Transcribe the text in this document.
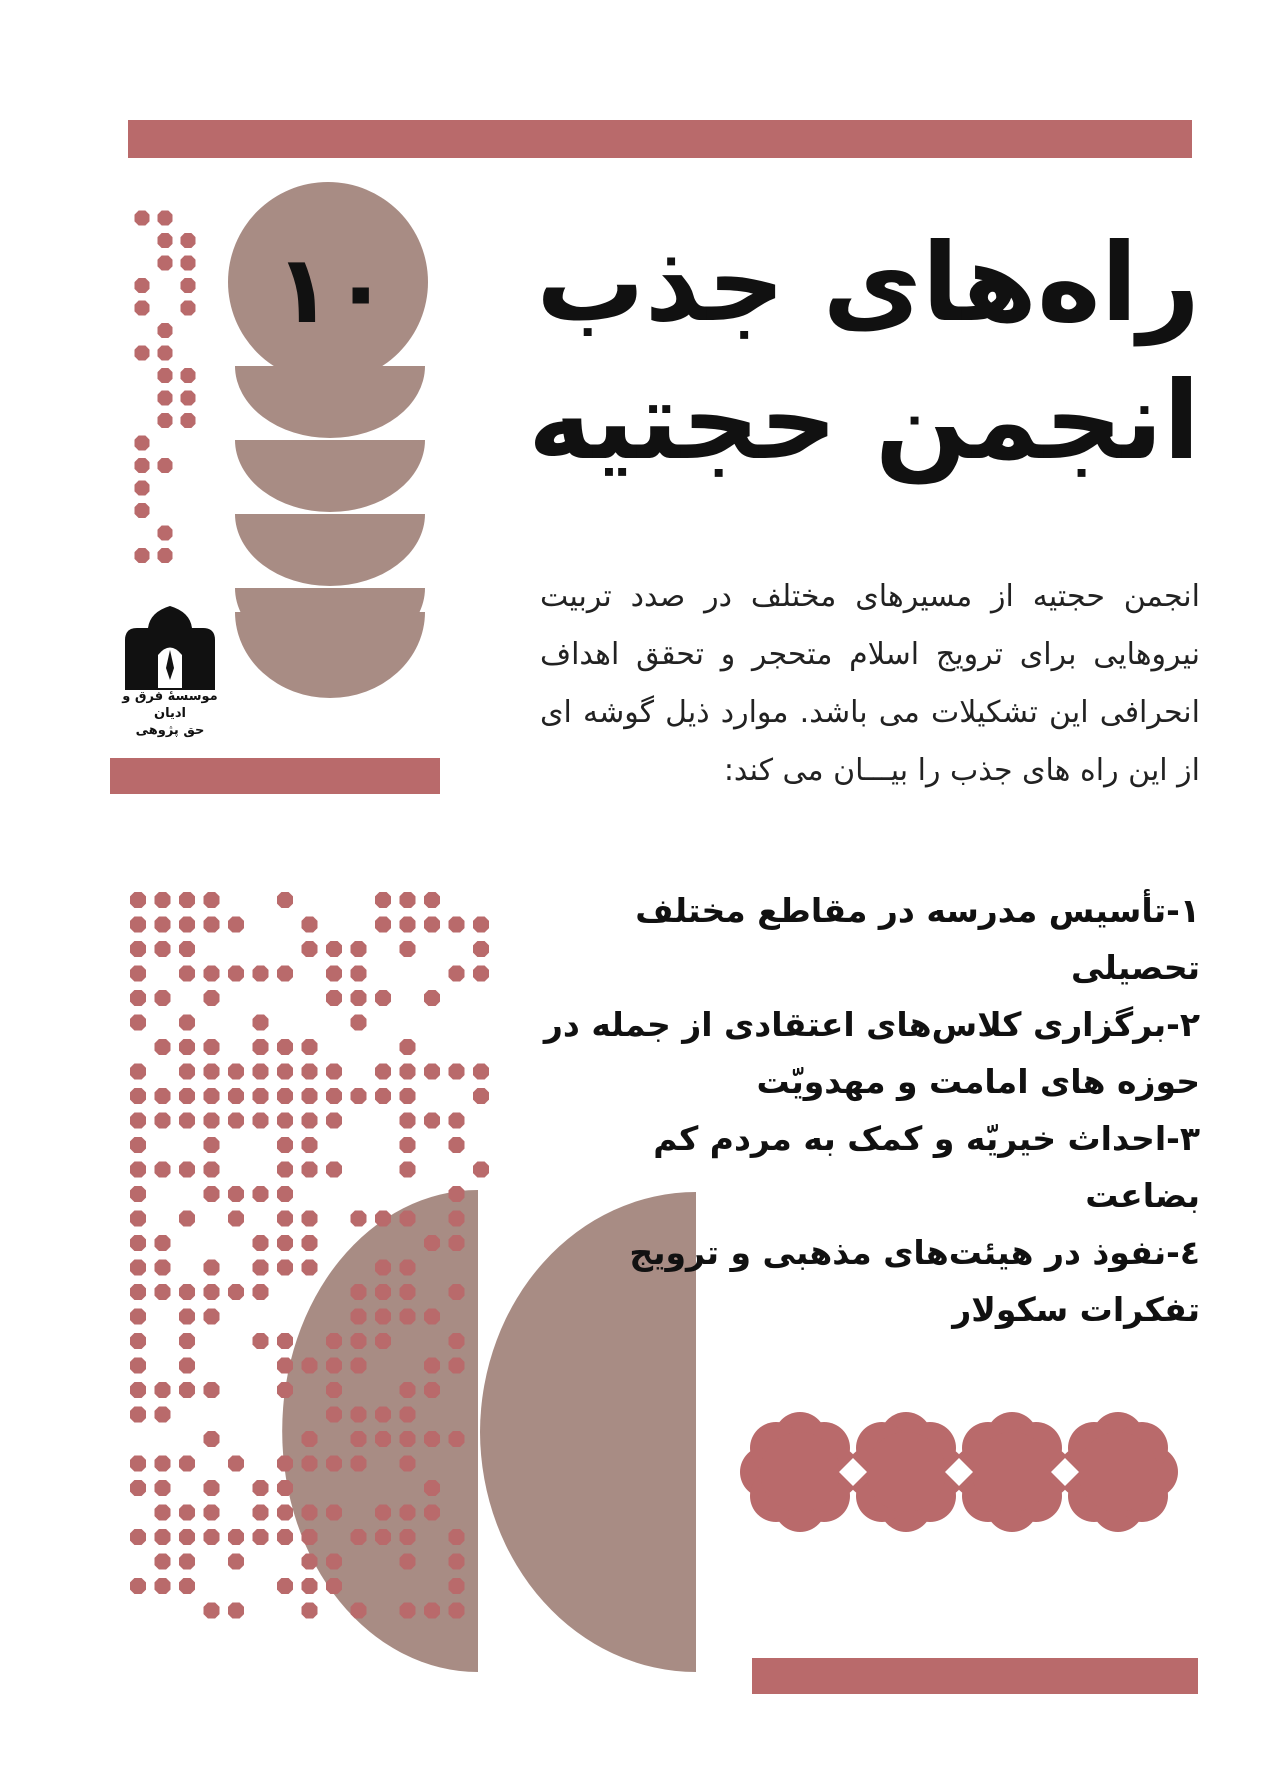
۱۰	راه‌های جذب
انجمن حجتیه
انجمن حجتیه از مسیرهای مختلف در صدد تربیت نیروهایی برای ترویج اسلام متحجر و تحقق اهداف انحرافی این تشکیلات می باشد. موارد ذیل گوشه ای از این راه های جذب را بیـــان می کند:
۱-تأسیس مدرسه در مقاطع مختلف تحصیلی
۲-برگزاری کلاس‌های اعتقادی از جمله در حوزه های امامت و مهدویّت
۳-احداث خیریّه و کمک به مردم کم بضاعت
٤-نفوذ در هیئت‌های مذهبی و ترویج تفکرات سکولار
موسسهٔ فرق و ادیان
حق پژوهی
